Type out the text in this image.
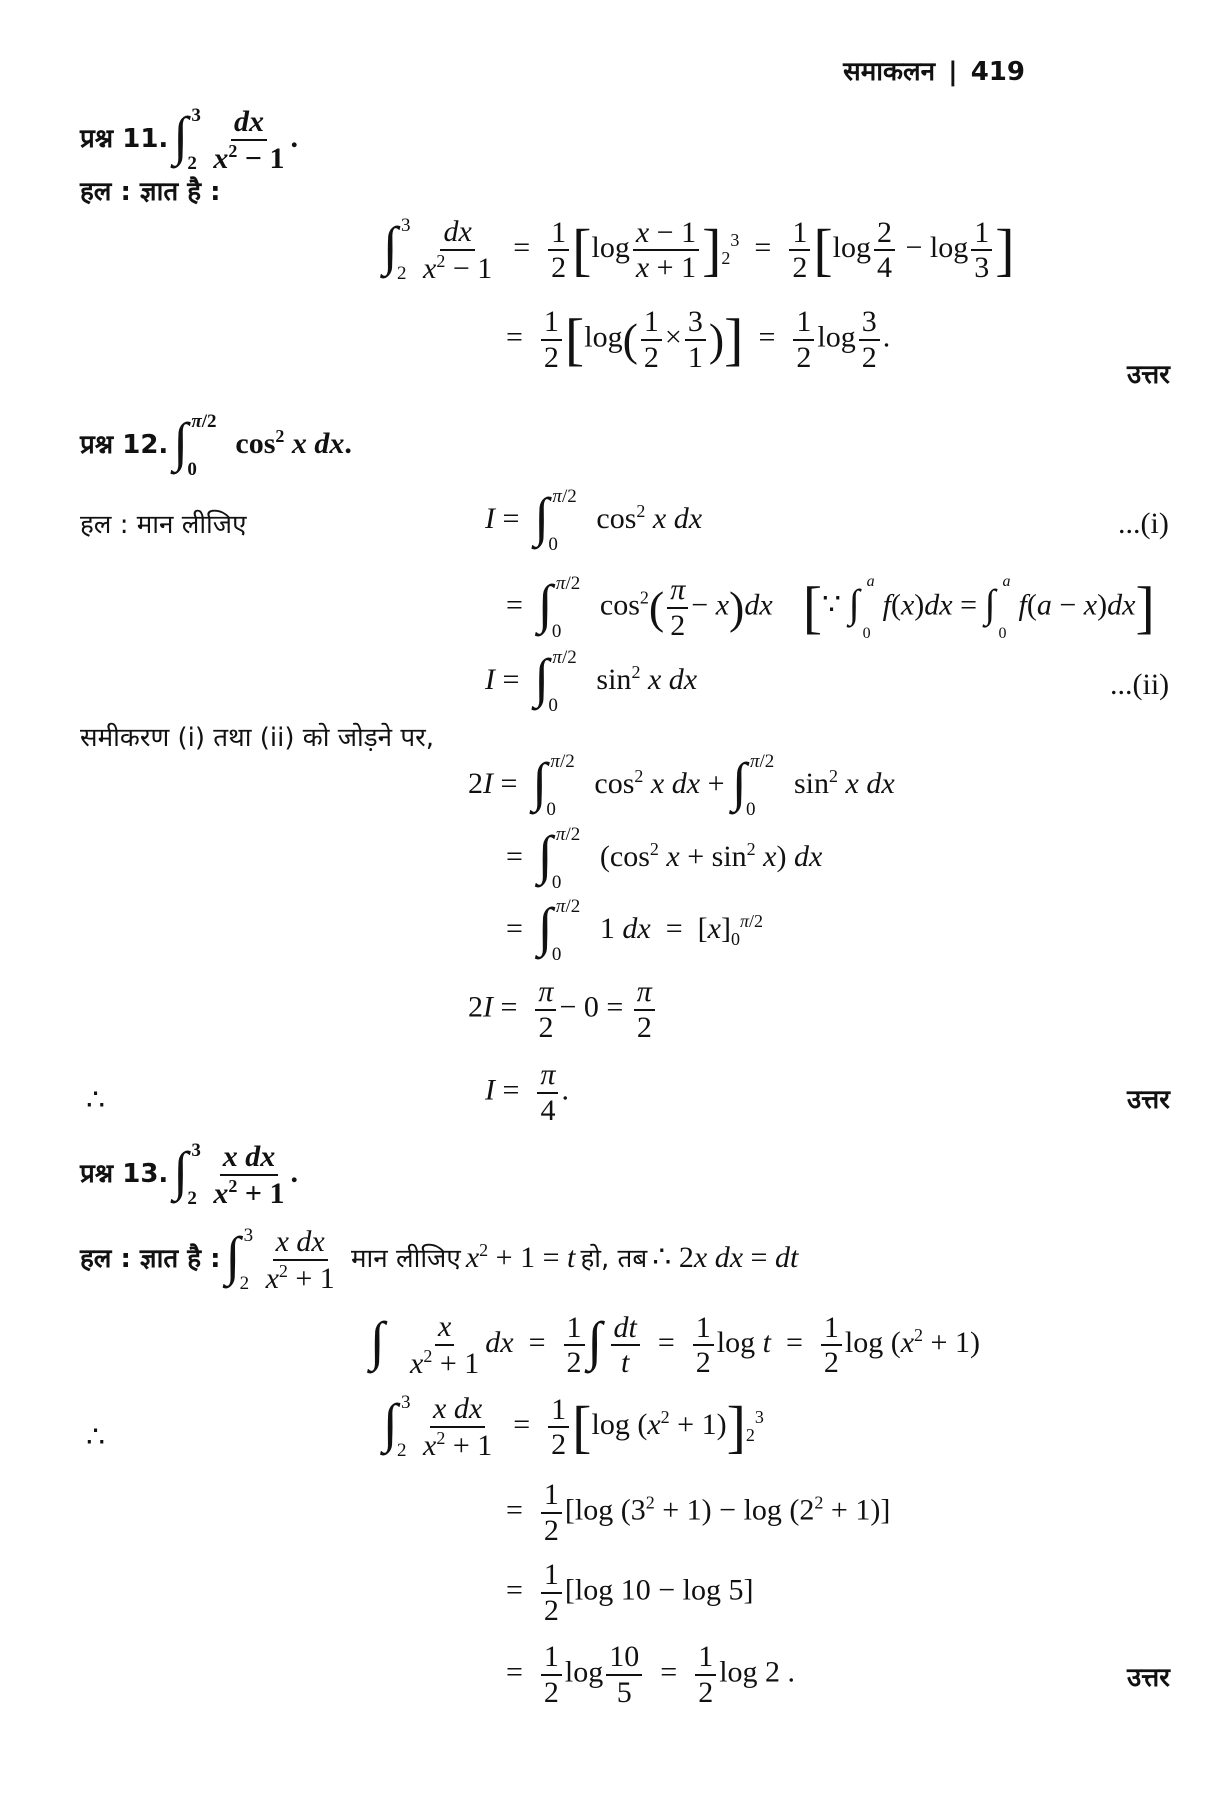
समाकलन | 419
प्रश्न 11. ∫ 3
$2 \frac{dx}{x^2 - 1}$ .
हल : ज्ञात है :
∫ 3
$2 \frac{dx}{x^2 - 1} = \frac{1}{2} [\log \frac{x - 1}{x + 1} ]_2^3 = \frac{1}{2} [\log \frac{2}{4} - \log \frac{1}{3}$ ]
= $\frac{1}{2} [\log( \frac{1}{2} \times \frac{3}{1}$ )]  = $\frac{1}{2}$ $\log \frac{3}{2}$ .
उत्तर
प्रश्न 12. ∫ π/2
0
$\cos^2 x$ dx.
हल : मान लीजिए	I = ∫ π/2
0
$\cos^2 x$ dx	...(i)
= ∫ π/2
0
$\cos^2( \frac{\pi}{2} - x)dx$ [∵ ∫ a
0
f(x)dx = ∫ a
0
f(a − x)dx]
I = ∫ π/2
0
$\sin^2 x$ dx	...(ii)
समीकरण (i) तथा (ii) को जोड़ने पर,
2I = ∫ π/2
0
$\cos^2 x$ dx + ∫ π/2
0
$\sin^2 x$ dx
= ∫ π/2
0
($\cos^2$ $x + \sin^2 x$) dx
= ∫ π/2
0
1 dx  =  $[x]_0^{\pi/2}$
$2I = \frac{\pi}{2} - 0 = \frac{\pi}{2}$
∴	$I = \frac{\pi}{4}$ .	उत्तर
प्रश्न 13. ∫ 3
$2 \frac{\text{x dx}}{x^2 + 1}$ .
हल : ज्ञात है : ∫ 3
$2 \frac{\text{x dx}}{x^2 + 1}$ मान लीजिए $x^2 + 1 = t$ हो, तब ∴ 2x dx = dt
∫ $\frac{x}{x^2 + 1}$ dx  = $\frac{1}{2}$ ∫ $\frac{dt}{t} = \frac{1}{2}$ $\log t = \frac{1}{2}$ $\log (x^2 + 1)$
∴	∫ 3
$2 \frac{\text{x dx}}{x^2 + 1} = \frac{1}{2} [\log$ $(x^2 + 1)]_2^3$
= $\frac{1}{2} [\log$ $(3^2 + 1) - \log (2^2 + 1)$]
= $\frac{1}{2} [\log$ 10 − log 5]
= $\frac{1}{2}$ $\log \frac{10}{5} = \frac{1}{2}$ log 2 .	उत्तर
